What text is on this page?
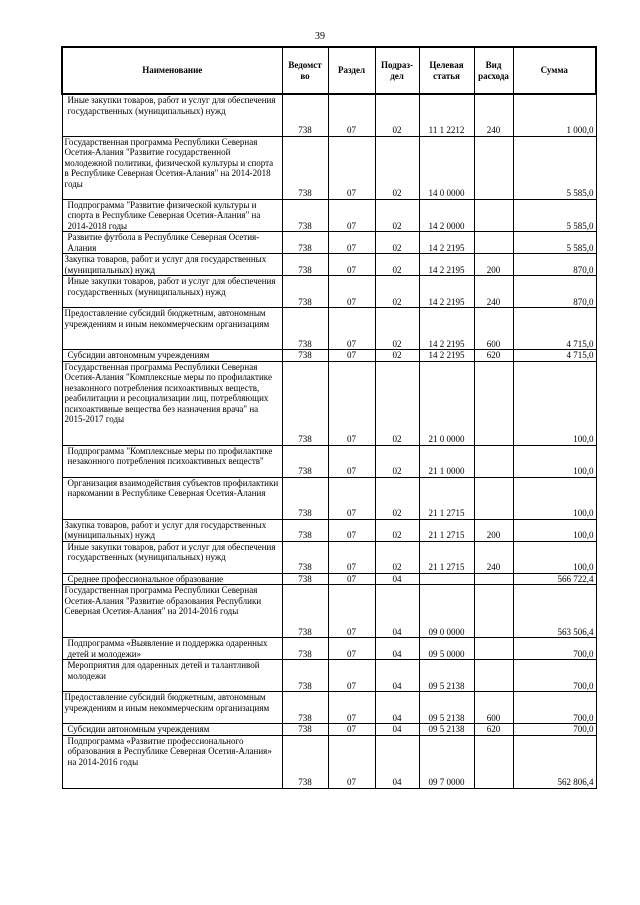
39
Наименование	Ведомст во	Раздел	Подраз- дел	Целевая статья	Вид расхода	Сумма
Иные закупки товаров, работ и услуг для обеспечения государственных (муниципальных) нужд	738	07	02	11 1 2212	240	1 000,0
Государственная программа Республики Северная Осетия-Алания "Развитие государственной молодежной политики, физической культуры и спорта в Республике Северная Осетия-Алания" на 2014-2018 годы	738	07	02	14 0 0000		5 585,0
Подпрограмма "Развитие физической культуры и спорта в Республике Северная Осетия-Алания" на 2014-2018 годы	738	07	02	14 2 0000		5 585,0
Развитие футбола в Республике Северная Осетия-Алания	738	07	02	14 2 2195		5 585,0
Закупка товаров, работ и услуг для государственных (муниципальных) нужд	738	07	02	14 2 2195	200	870,0
Иные закупки товаров, работ и услуг для обеспечения государственных (муниципальных) нужд	738	07	02	14 2 2195	240	870,0
Предоставление субсидий бюджетным, автономным учреждениям и иным некоммерческим организациям	738	07	02	14 2 2195	600	4 715,0
Субсидии автономным учреждениям	738	07	02	14 2 2195	620	4 715,0
Государственная программа Республики Северная Осетия-Алания "Комплексные меры по профилактике незаконного потребления психоактивных веществ, реабилитации и ресоциализации лиц, потребляющих психоактивные вещества без назначения врача" на 2015-2017 годы	738	07	02	21 0 0000		100,0
Подпрограмма "Комплексные меры по профилактике незаконного потребления психоактивных веществ"	738	07	02	21 1 0000		100,0
Организация взаимодействия субъектов профилактики наркомании в Республике Северная Осетия-Алания	738	07	02	21 1 2715		100,0
Закупка товаров, работ и услуг для государственных (муниципальных) нужд	738	07	02	21 1 2715	200	100,0
Иные закупки товаров, работ и услуг для обеспечения государственных (муниципальных) нужд	738	07	02	21 1 2715	240	100,0
Среднее профессиональное образование	738	07	04			566 722,4
Государственная программа Республики Северная Осетия-Алания "Развитие образования Республики Северная Осетия-Алания" на 2014-2016 годы	738	07	04	09 0 0000		563 506,4
Подпрограмма «Выявление и поддержка одаренных детей и молодежи»	738	07	04	09 5 0000		700,0
Мероприятия для одаренных детей и талантливой молодежи	738	07	04	09 5 2138		700,0
Предоставление субсидий бюджетным, автономным учреждениям и иным некоммерческим организациям	738	07	04	09 5 2138	600	700,0
Субсидии автономным учреждениям	738	07	04	09 5 2138	620	700,0
Подпрограмма «Развитие профессионального образования в Республике Северная Осетия-Алания» на 2014-2016 годы	738	07	04	09 7 0000		562 806,4
